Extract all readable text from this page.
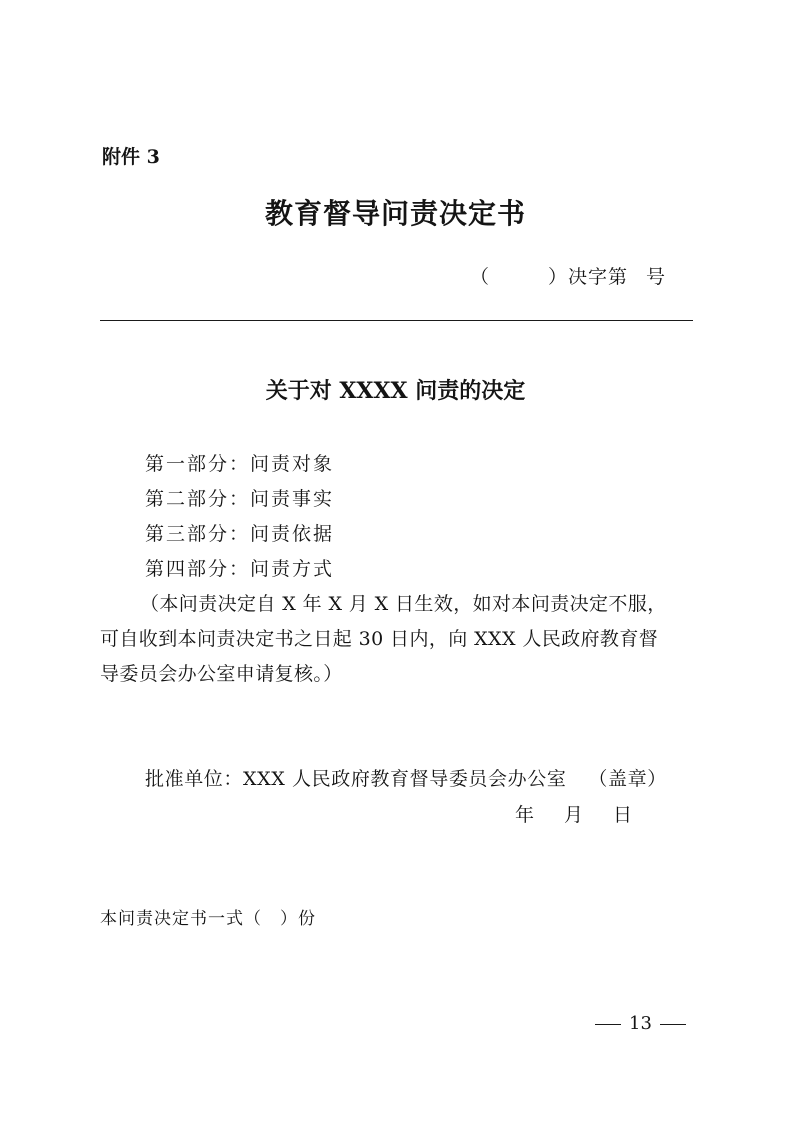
附件 3
教育督导问责决定书
（	）决字第 号
关于对 XXXX 问责的决定
第一部分：问责对象
第二部分：问责事实
第三部分：问责依据
第四部分：问责方式
（本问责决定自 X 年 X 月 X 日生效，如对本问责决定不服，
可自收到本问责决定书之日起 30 日内，向 XXX 人民政府教育督
导委员会办公室申请复核。）
批准单位：XXX 人民政府教育督导委员会办公室 （盖章）
年 月 日
本问责决定书一式（ ）份
13
